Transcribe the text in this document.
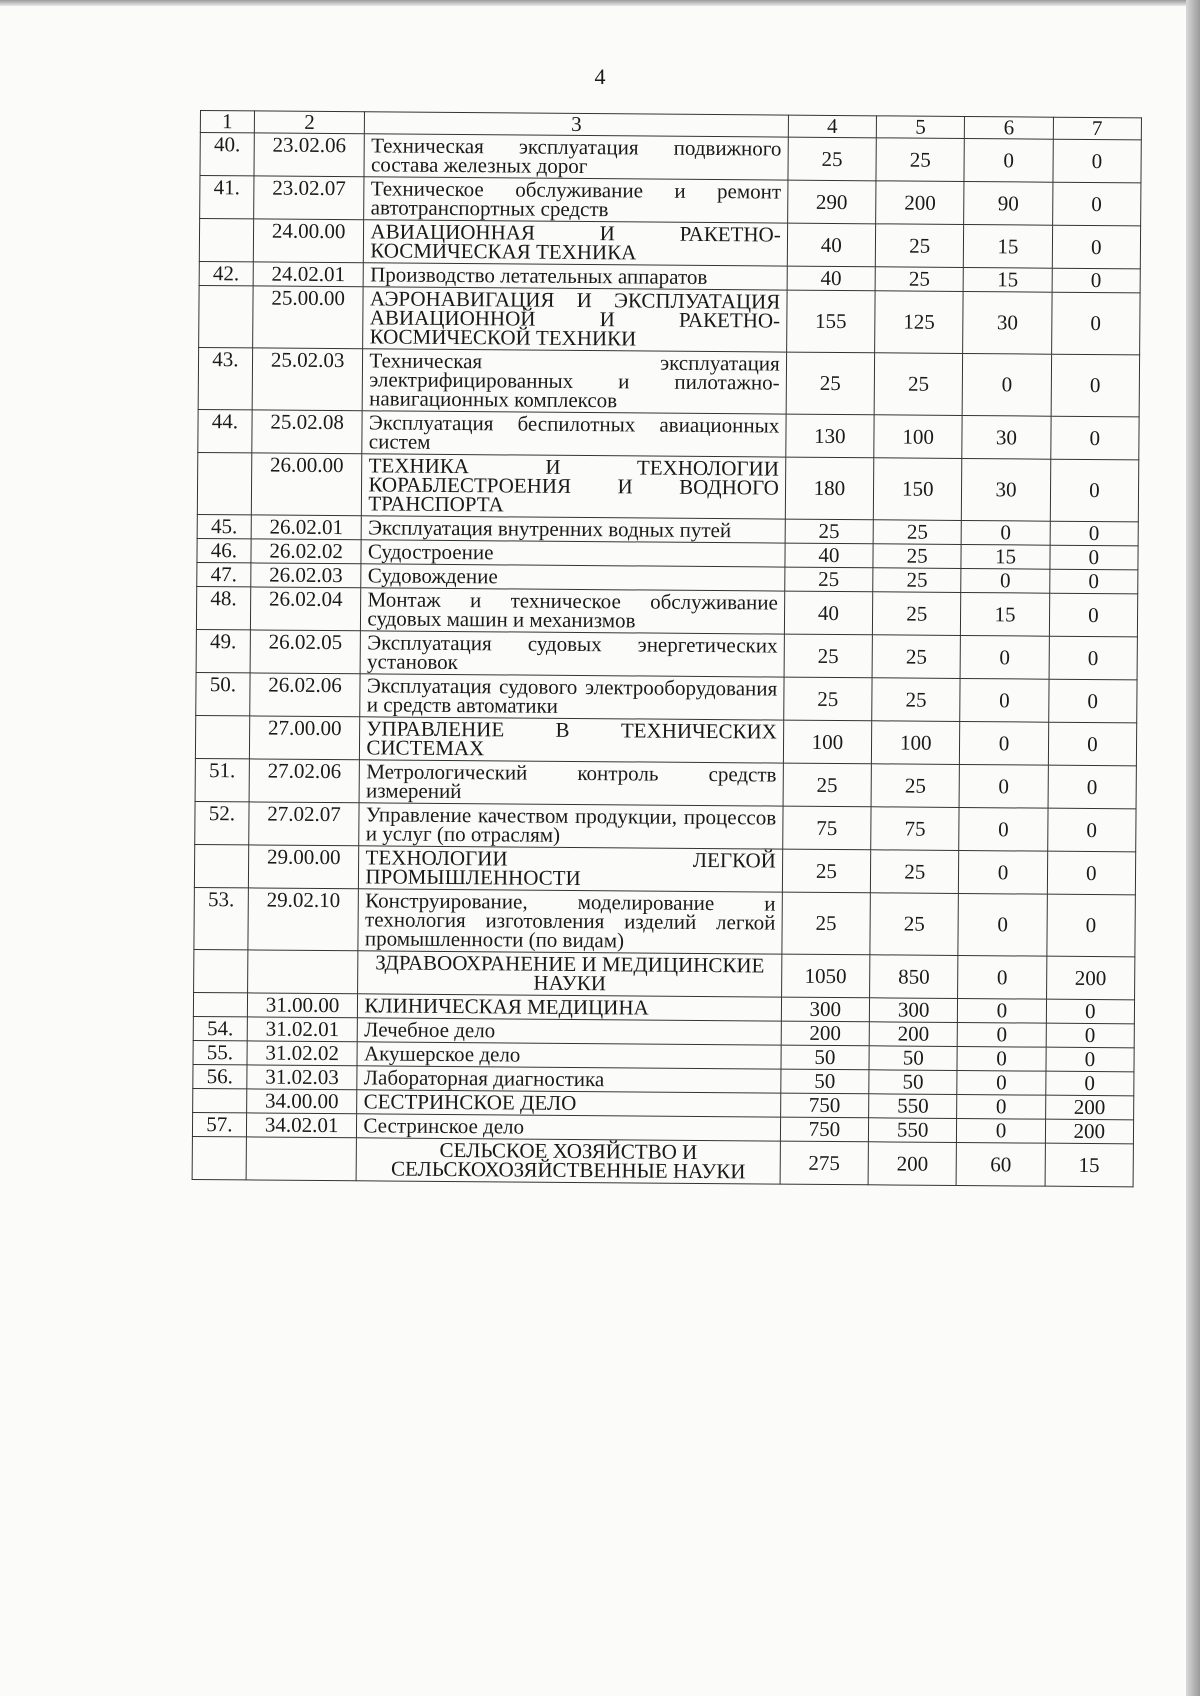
4
1	2	3	4	5	6	7
40.	23.02.06	Техническая эксплуатация подвижного состава железных дорог	25	25	0	0
41.	23.02.07	Техническое обслуживание и ремонт автотранспортных средств	290	200	90	0
	24.00.00	АВИАЦИОННАЯ И РАКЕТНО-КОСМИЧЕСКАЯ ТЕХНИКА	40	25	15	0
42.	24.02.01	Производство летательных аппаратов	40	25	15	0
	25.00.00	АЭРОНАВИГАЦИЯ И ЭКСПЛУАТАЦИЯ АВИАЦИОННОЙ И РАКЕТНО-КОСМИЧЕСКОЙ ТЕХНИКИ	155	125	30	0
43.	25.02.03	Техническая эксплуатация электрифицированных и пилотажно-навигационных комплексов	25	25	0	0
44.	25.02.08	Эксплуатация беспилотных авиационных систем	130	100	30	0
	26.00.00	ТЕХНИКА И ТЕХНОЛОГИИ КОРАБЛЕСТРОЕНИЯ И ВОДНОГО ТРАНСПОРТА	180	150	30	0
45.	26.02.01	Эксплуатация внутренних водных путей	25	25	0	0
46.	26.02.02	Судостроение	40	25	15	0
47.	26.02.03	Судовождение	25	25	0	0
48.	26.02.04	Монтаж и техническое обслуживание судовых машин и механизмов	40	25	15	0
49.	26.02.05	Эксплуатация судовых энергетических установок	25	25	0	0
50.	26.02.06	Эксплуатация судового электрооборудования и средств автоматики	25	25	0	0
	27.00.00	УПРАВЛЕНИЕ В ТЕХНИЧЕСКИХ СИСТЕМАХ	100	100	0	0
51.	27.02.06	Метрологический контроль средств измерений	25	25	0	0
52.	27.02.07	Управление качеством продукции, процессов и услуг (по отраслям)	75	75	0	0
	29.00.00	ТЕХНОЛОГИИ ЛЕГКОЙ ПРОМЫШЛЕННОСТИ	25	25	0	0
53.	29.02.10	Конструирование, моделирование и технология изготовления изделий легкой промышленности (по видам)	25	25	0	0
		ЗДРАВООХРАНЕНИЕ И МЕДИЦИНСКИЕ НАУКИ	1050	850	0	200
	31.00.00	КЛИНИЧЕСКАЯ МЕДИЦИНА	300	300	0	0
54.	31.02.01	Лечебное дело	200	200	0	0
55.	31.02.02	Акушерское дело	50	50	0	0
56.	31.02.03	Лабораторная диагностика	50	50	0	0
	34.00.00	СЕСТРИНСКОЕ ДЕЛО	750	550	0	200
57.	34.02.01	Сестринское дело	750	550	0	200
		СЕЛЬСКОЕ ХОЗЯЙСТВО И СЕЛЬСКОХОЗЯЙСТВЕННЫЕ НАУКИ	275	200	60	15
